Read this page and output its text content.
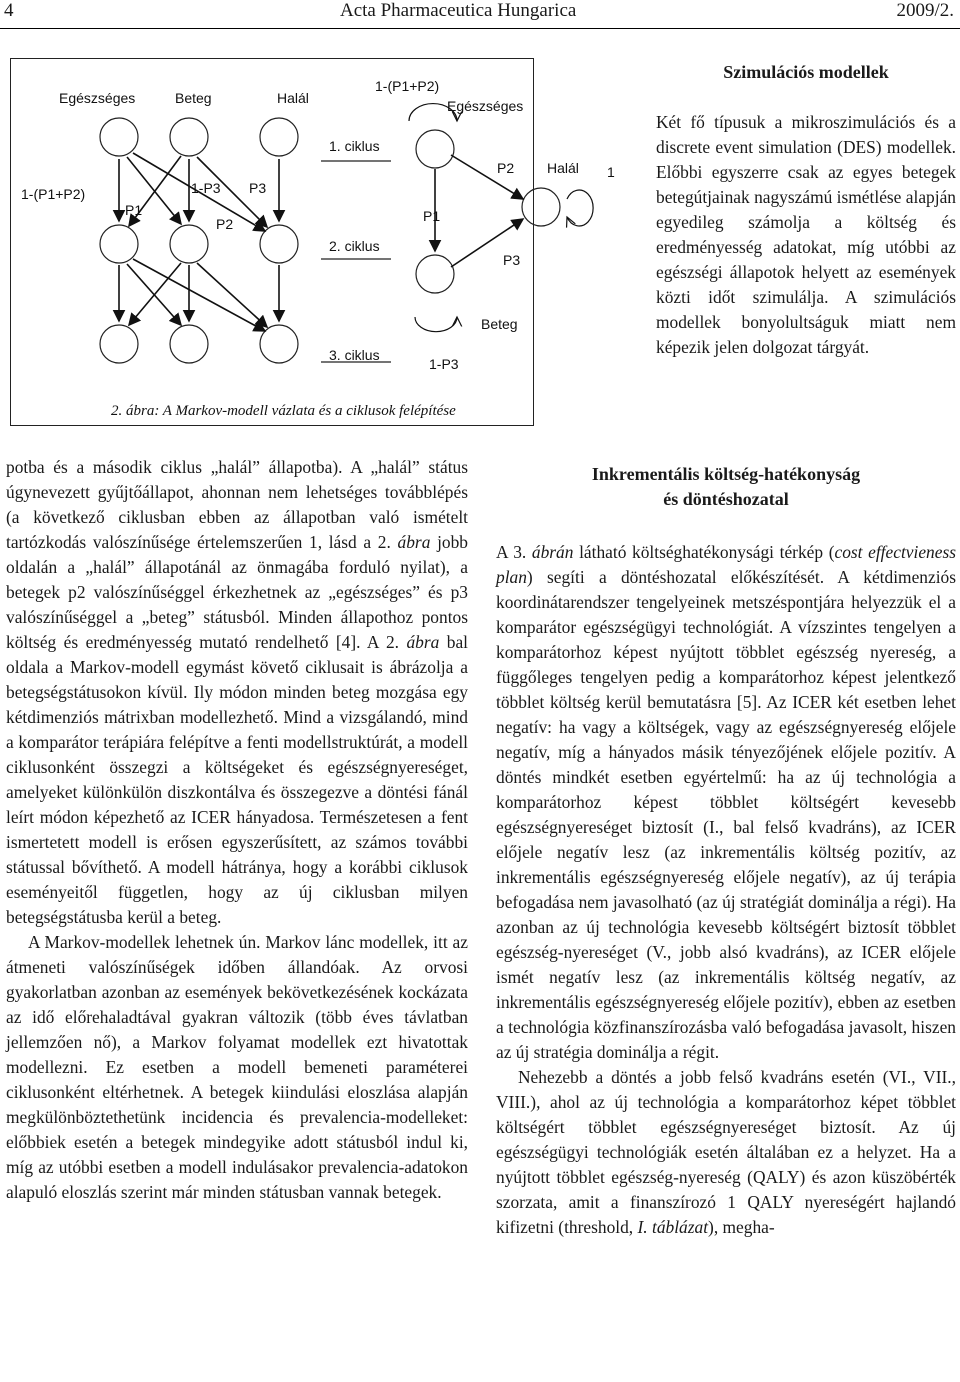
4	Acta Pharmaceutica Hungarica	2009/2.
Egészséges	Beteg	Halál
1-(P1+P2)
P1
1-P3 P3
P2
1. ciklus
2. ciklus
3. ciklus
1-(P1+P2)
Egészséges
P2 Halál 1
P1
P3
Beteg
1-P3
2. ábra: A Markov-modell vázlata és a ciklusok felépítése
Szimulációs modellek

Két fő típusuk a mikroszimulációs és a discrete event simulation (DES) modellek. Előbbi egyszerre csak az egyes betegek betegútjainak nagyszámú ismétlése alapján egyedileg számolja a költség és eredményesség adatokat, míg utóbbi az egészségi állapotok helyett az események közti időt szimulálja. A szimulációs modellek bonyolultságuk miatt nem képezik jelen dolgozat tárgyát.

potba és a második ciklus „halál” állapotba). A „halál” státus úgynevezett gyűjtőállapot, ahonnan nem lehetséges továbblépés (a következő ciklusban ebben az állapotban való ismételt tartózkodás valószínűsége értelemszerűen 1, lásd a 2. ábra jobb oldalán a „halál” állapotánál az önmagába forduló nyilat), a betegek p2 valószínűséggel érkezhetnek az „egészséges” és p3 valószínűséggel a „beteg” státusból. Minden állapothoz pontos költség és eredményesség mutató rendelhető [4]. A 2. ábra bal oldala a Markov-modell egymást követő ciklusait is ábrázolja a betegségstátusokon kívül. Ily módon minden beteg mozgása egy kétdimenziós mátrixban modellezhető. Mind a vizsgálandó, mind a komparátor terápiára felépítve a fenti modellstruktúrát, a modell ciklusonként összegzi a költségeket és egészségnyereséget, amelyeket különkülön diszkontálva és összegezve a döntési fánál leírt módon képezhető az ICER hányadosa. Természetesen a fent ismertetett modell is erősen egyszerűsített, az számos további státussal bővíthető. A modell hátránya, hogy a korábbi ciklusok eseményeitől független, hogy az új ciklusban milyen betegségstátusba kerül a beteg.

A Markov-modellek lehetnek ún. Markov lánc modellek, itt az átmeneti valószínűségek időben állandóak. Az orvosi gyakorlatban azonban az események bekövetkezésének kockázata az idő előrehaladtával gyakran változik (több éves távlatban jellemzően nő), a Markov folyamat modellek ezt hivatottak modellezni. Ez esetben a modell bemeneti paraméterei ciklusonként eltérhetnek. A betegek kiindulási eloszlása alapján megkülönböztethetünk incidencia és prevalencia-modelleket: előbbiek esetén a betegek mindegyike adott státusból indul ki, míg az utóbbi esetben a modell indulásakor prevalencia-adatokon alapuló eloszlás szerint már minden státusban vannak betegek.

Inkrementális költség-hatékonyság
és döntéshozatal

A 3. ábrán látható költséghatékonysági térkép (cost effectvieness plan) segíti a döntéshozatal előkészítését. A kétdimenziós koordinátarendszer tengelyeinek metszéspontjára helyezzük el a komparátor egészségügyi technológiát. A vízszintes tengelyen a komparátorhoz képest nyújtott többlet egészség nyereség, a függőleges tengelyen pedig a komparátorhoz képest jelentkező többlet költség kerül bemutatásra [5]. Az ICER két esetben lehet negatív: ha vagy a költségek, vagy az egészségnyereség előjele negatív, míg a hányados másik tényezőjének előjele pozitív. A döntés mindkét esetben egyértelmű: ha az új technológia a komparátorhoz képest többlet költségért kevesebb egészségnyereséget biztosít (I., bal felső kvadráns), az ICER előjele negatív lesz (az inkrementális költség pozitív, az inkrementális egészségnyereség előjele negatív), az új terápia befogadása nem javasolható (az új stratégiát dominálja a régi). Ha azonban az új technológia kevesebb költségért biztosít többlet egészség-nyereséget (V., jobb alsó kvadráns), az ICER előjele ismét negatív lesz (az inkrementális költség negatív, az inkrementális egészségnyereség előjele pozitív), ebben az esetben a technológia közfinanszírozásba való befogadása javasolt, hiszen az új stratégia dominálja a régit.

Nehezebb a döntés a jobb felső kvadráns esetén (VI., VII., VIII.), ahol az új technológia a komparátorhoz képet többlet költségért többlet egészségnyereséget biztosít. Az új egészségügyi technológiák esetén általában ez a helyzet. Ha a nyújtott többlet egészség-nyereség (QALY) és azon küszöbérték szorzata, amit a finanszírozó 1 QALY nyereségért hajlandó kifizetni (threshold, I. táblázat), megha-
